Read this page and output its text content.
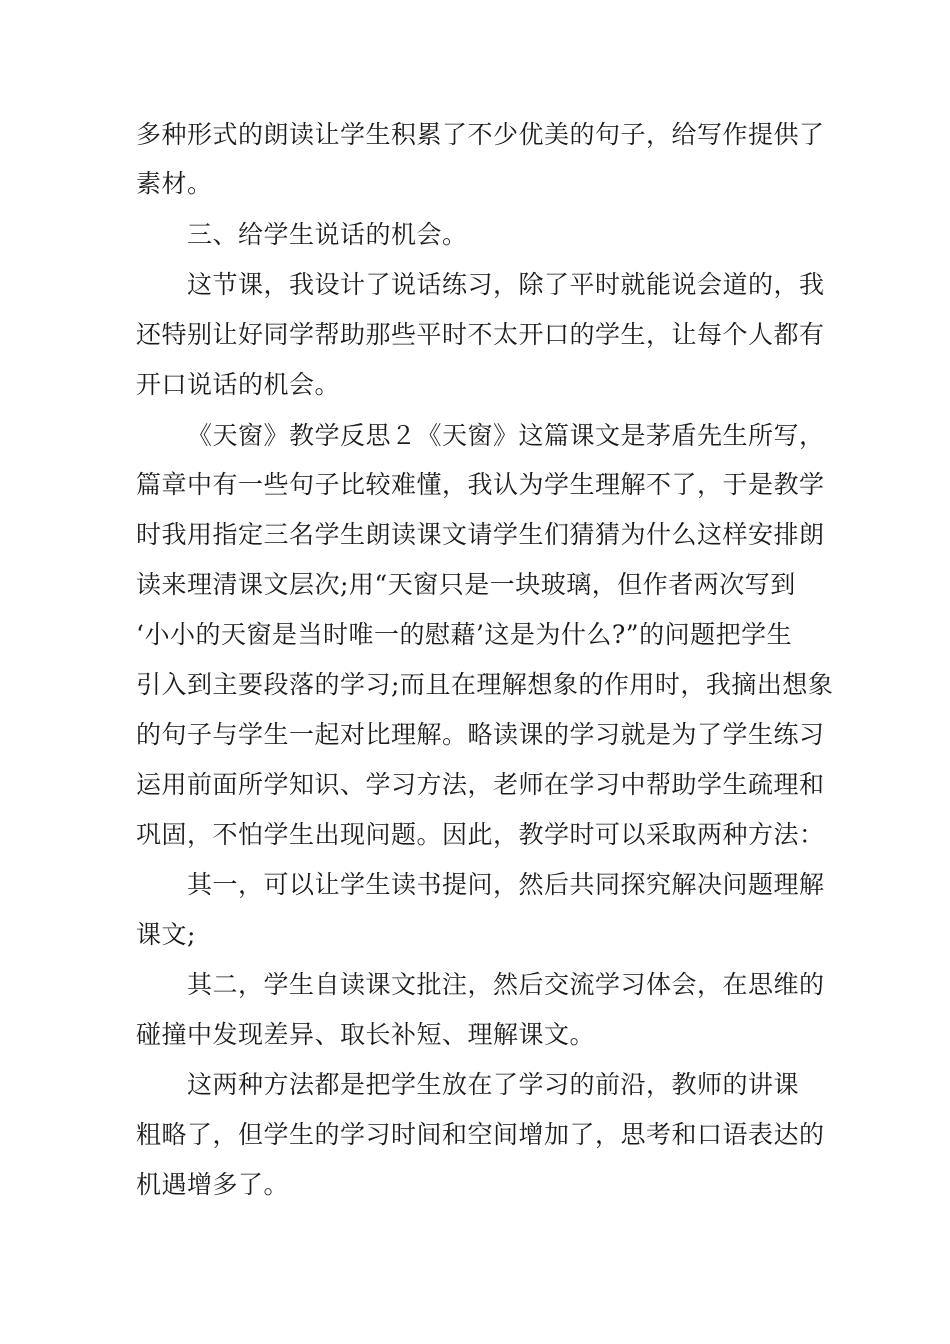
多种形式的朗读让学生积累了不少优美的句子，给写作提供了
素材。
三、给学生说话的机会。
这节课，我设计了说话练习，除了平时就能说会道的，我
还特别让好同学帮助那些平时不太开口的学生，让每个人都有
开口说话的机会。
《天窗》教学反思２《天窗》这篇课文是茅盾先生所写，
篇章中有一些句子比较难懂，我认为学生理解不了，于是教学
时我用指定三名学生朗读课文请学生们猜猜为什么这样安排朗
读来理清课文层次;用“天窗只是一块玻璃，但作者两次写到
‘小小的天窗是当时唯一的慰藉’这是为什么?”的问题把学生
引入到主要段落的学习;而且在理解想象的作用时，我摘出想象
的句子与学生一起对比理解。略读课的学习就是为了学生练习
运用前面所学知识、学习方法，老师在学习中帮助学生疏理和
巩固，不怕学生出现问题。因此，教学时可以采取两种方法：
其一，可以让学生读书提问，然后共同探究解决问题理解
课文;
其二，学生自读课文批注，然后交流学习体会，在思维的
碰撞中发现差异、取长补短、理解课文。
这两种方法都是把学生放在了学习的前沿，教师的讲课
粗略了，但学生的学习时间和空间增加了，思考和口语表达的
机遇增多了。
